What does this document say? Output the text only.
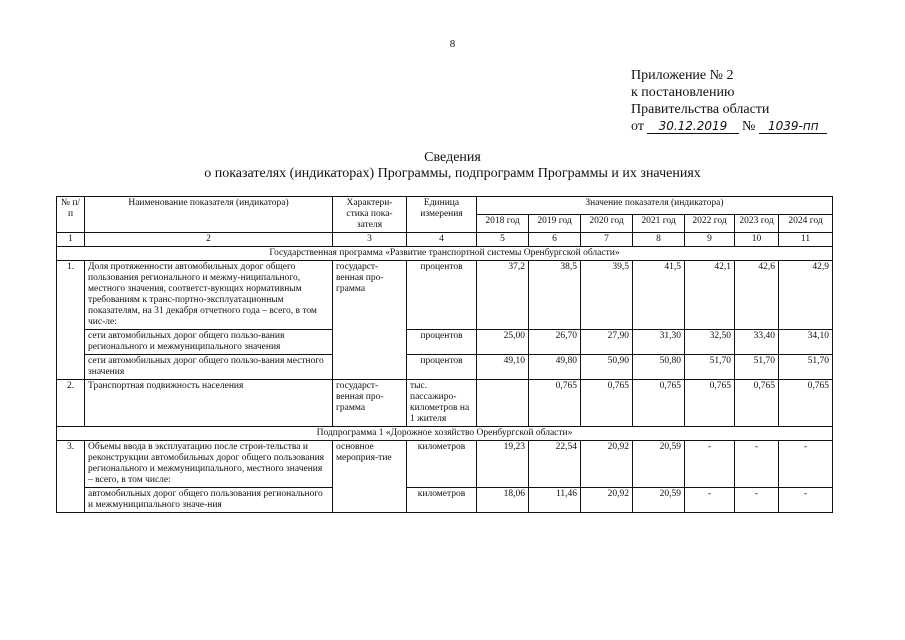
8
Приложение № 2
к постановлению
Правительства области
от 30.12.2019 № 1039-пп
Сведения
о показателях (индикаторах) Программы, подпрограмм Программы и их значениях
№ п/п	Наименование показателя (индикатора)	Характери-стика пока-зателя	Единица измерения	Значение показателя (индикатора)						
				2018 год	2019 год	2020 год	2021 год	2022 год	2023 год	2024 год
1	2	3	4	5	6	7	8	9	10	11
Государственная программа «Развитие транспортной системы Оренбургской области»										
1.	Доля протяженности автомобильных дорог общего пользования регионального и межму-ниципального, местного значения, соответст-вующих нормативным требованиям к транс-портно-эксплуатационным показателям, на 31 декабря отчетного года – всего, в том чис-ле:	государст-венная про-грамма	процентов	37,2	38,5	39,5	41,5	42,1	42,6	42,9
	сети автомобильных дорог общего пользо-вания регионального и межмуниципального значения		процентов	25,00	26,70	27,90	31,30	32,50	33,40	34,10
	сети автомобильных дорог общего пользо-вания местного значения		процентов	49,10	49,80	50,90	50,80	51,70	51,70	51,70
2.	Транспортная подвижность населения	государст-венная про-грамма	тыс. пассажиро-километров на 1 жителя		0,765	0,765	0,765	0,765	0,765	0,765
Подпрограмма 1 «Дорожное хозяйство Оренбургской области»										
3.	Объемы ввода в эксплуатацию после строи-тельства и реконструкции автомобильных дорог общего пользования регионального и межмуниципального, местного значения – всего, в том числе:	основное мероприя-тие	километров	19,23	22,54	20,92	20,59	-	-	-
	автомобильных дорог общего пользования регионального и межмуниципального значе-ния		километров	18,06	11,46	20,92	20,59	-	-	-
